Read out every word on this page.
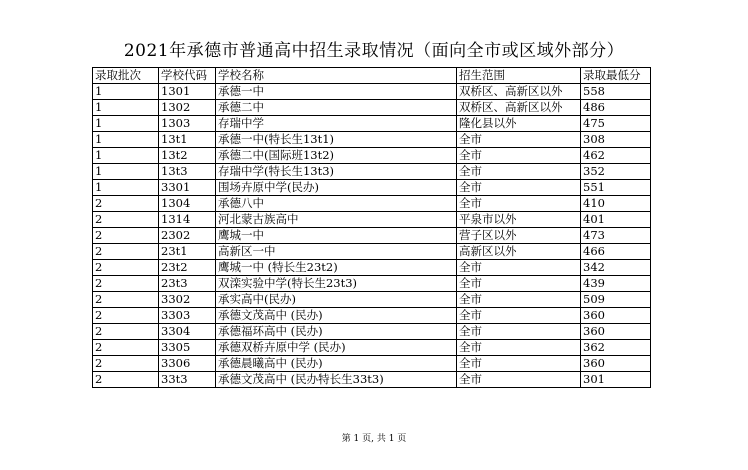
2021年承德市普通高中招生录取情况（面向全市或区域外部分）
录取批次	学校代码	学校名称	招生范围	录取最低分
1	1301	承德一中	双桥区、高新区以外	558
1	1302	承德二中	双桥区、高新区以外	486
1	1303	存瑞中学	隆化县以外	475
1	13t1	承德一中(特长生13t1)	全市	308
1	13t2	承德二中(国际班13t2)	全市	462
1	13t3	存瑞中学(特长生13t3)	全市	352
1	3301	围场卉原中学(民办)	全市	551
2	1304	承德八中	全市	410
2	1314	河北蒙古族高中	平泉市以外	401
2	2302	鹰城一中	营子区以外	473
2	23t1	高新区一中	高新区以外	466
2	23t2	鹰城一中 (特长生23t2)	全市	342
2	23t3	双滦实验中学(特长生23t3)	全市	439
2	3302	承实高中(民办)	全市	509
2	3303	承德文茂高中 (民办)	全市	360
2	3304	承德福环高中 (民办)	全市	360
2	3305	承德双桥卉原中学 (民办)	全市	362
2	3306	承德晨曦高中 (民办)	全市	360
2	33t3	承德文茂高中 (民办特长生33t3)	全市	301
第 1 页, 共 1 页
